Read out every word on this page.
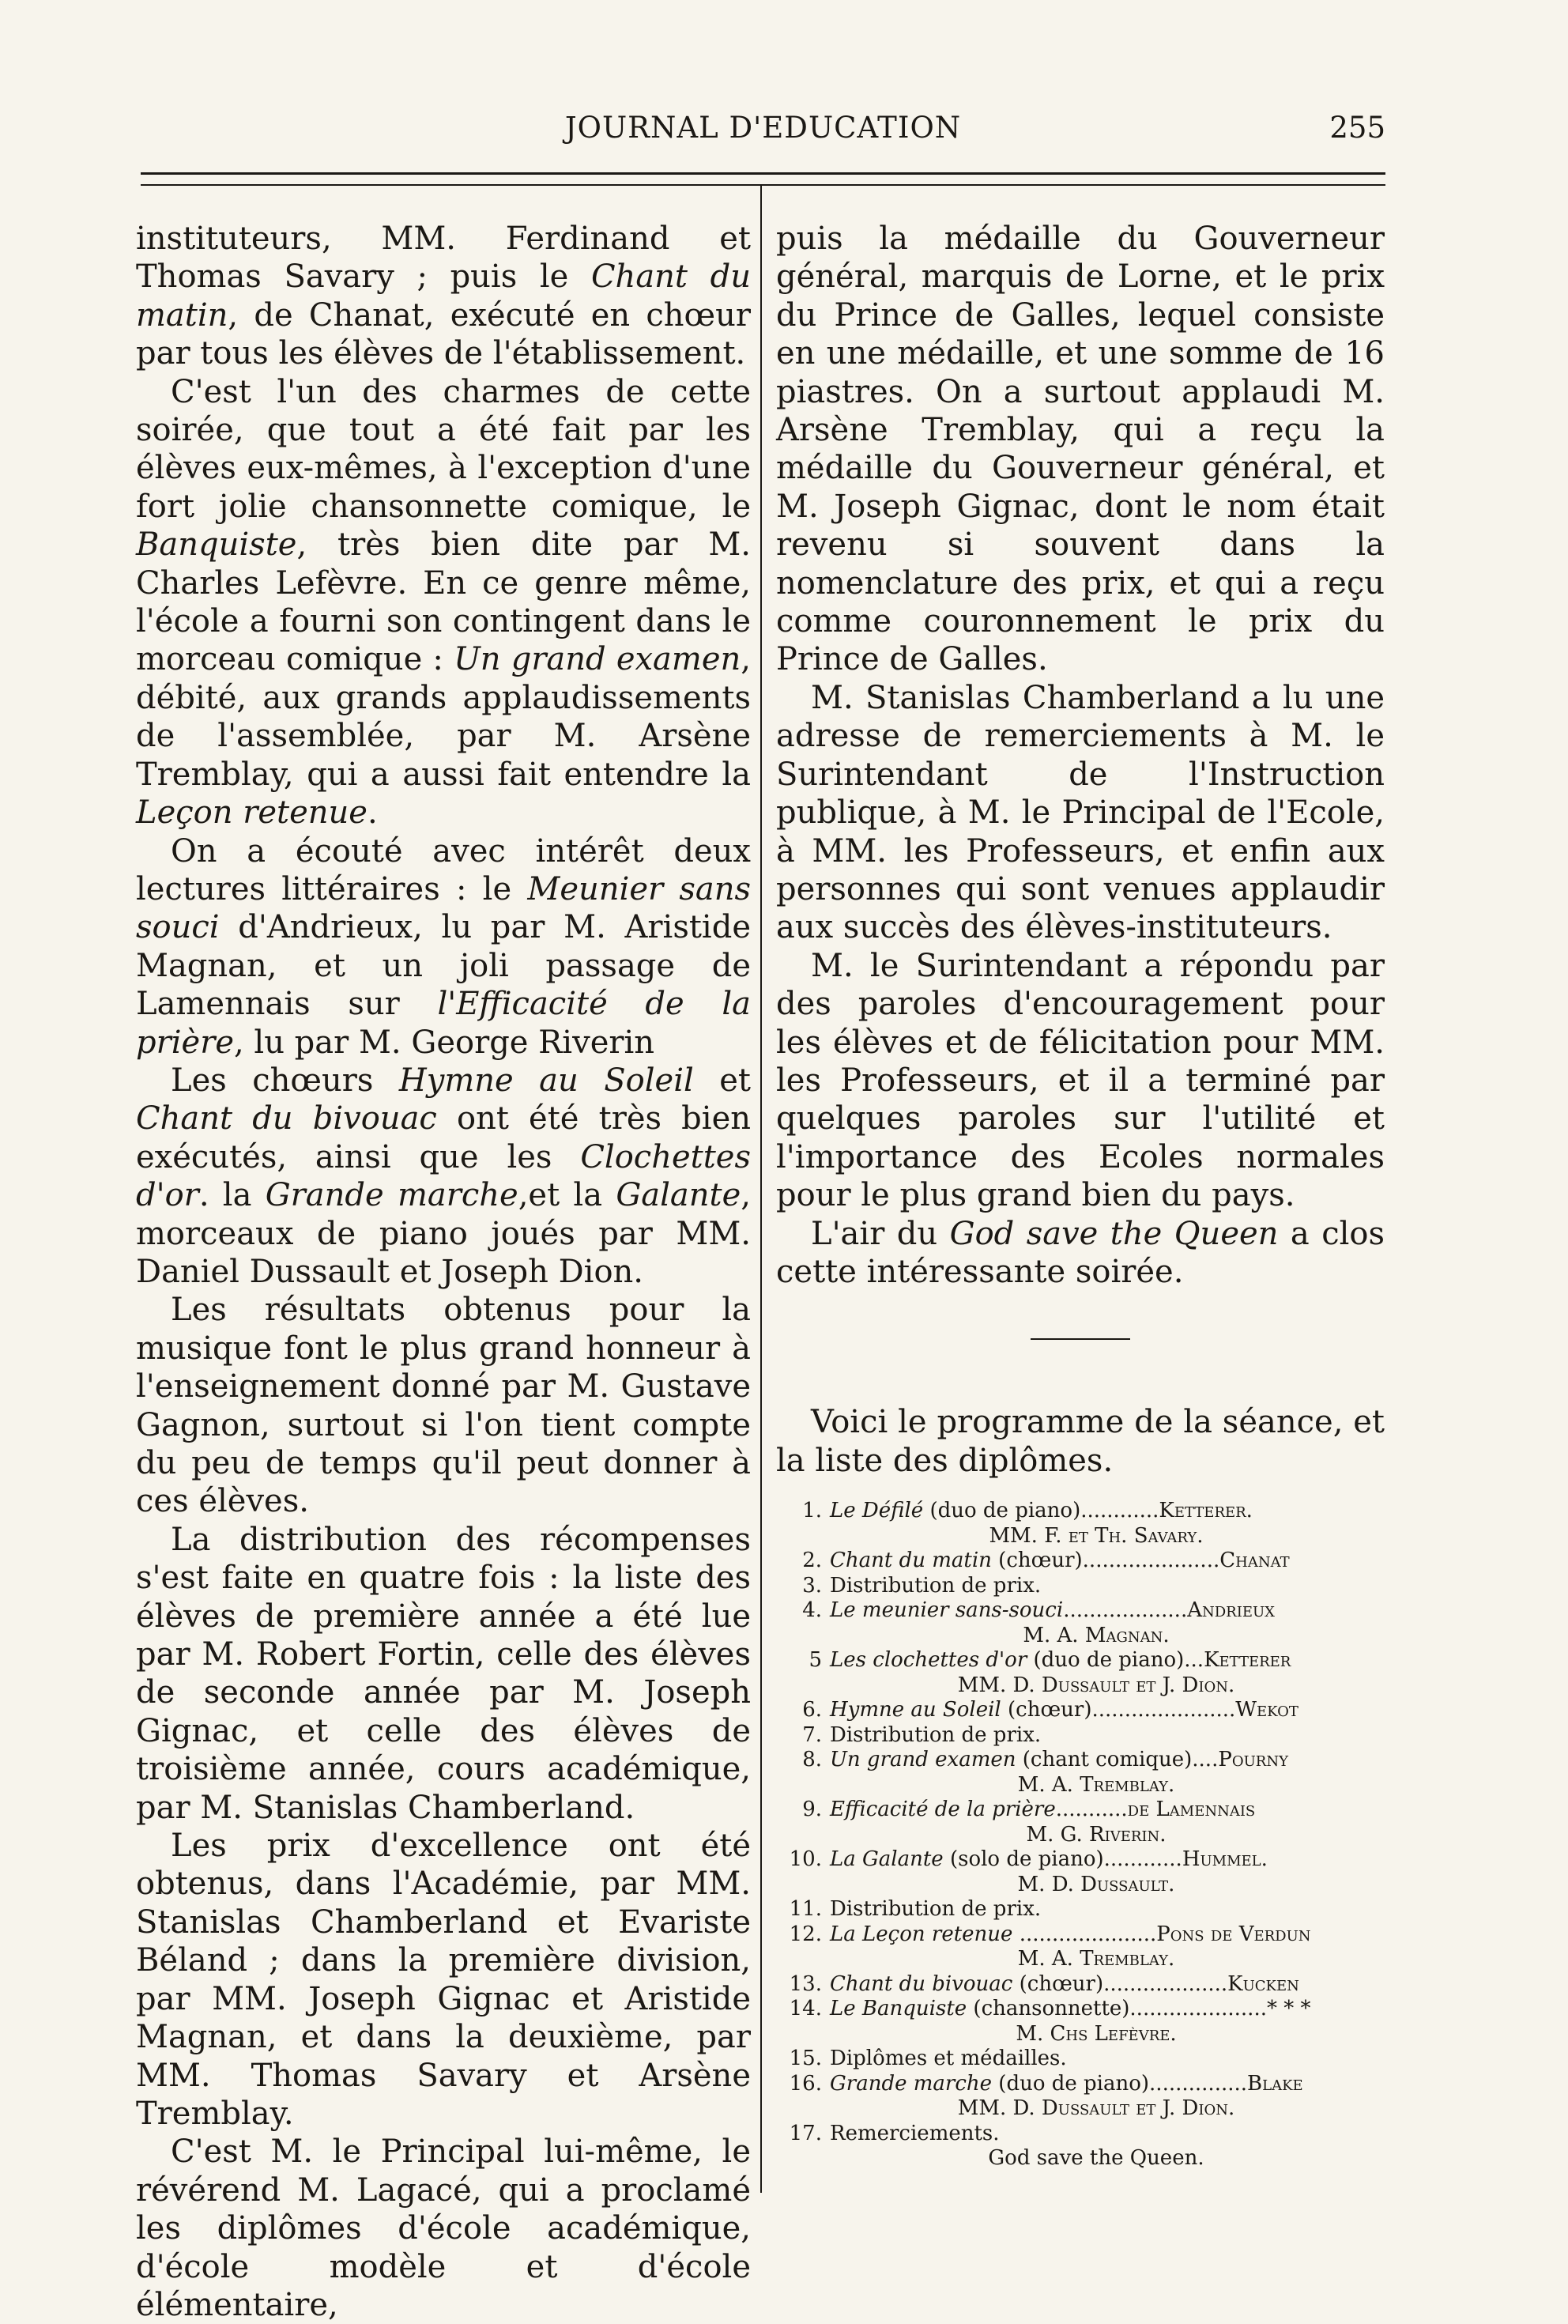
JOURNAL D'EDUCATION	255

instituteurs, MM. Ferdinand et Thomas Savary ; puis le Chant du matin, de Chanat, exécuté en chœur par tous les élèves de l'établissement.

C'est l'un des charmes de cette soirée, que tout a été fait par les élèves eux-mêmes, à l'exception d'une fort jolie chansonnette comique, le Banquiste, très bien dite par M. Charles Lefèvre. En ce genre même, l'école a fourni son contingent dans le morceau comique : Un grand examen, débité, aux grands applaudissements de l'assemblée, par M. Arsène Tremblay, qui a aussi fait entendre la Leçon retenue.

On a écouté avec intérêt deux lectures littéraires : le Meunier sans souci d'Andrieux, lu par M. Aristide Magnan, et un joli passage de Lamennais sur l'Efficacité de la prière, lu par M. George Riverin

Les chœurs Hymne au Soleil et Chant du bivouac ont été très bien exécutés, ainsi que les Clochettes d'or. la Grande marche,et la Galante, morceaux de piano joués par MM. Daniel Dussault et Joseph Dion.

Les résultats obtenus pour la musique font le plus grand honneur à l'enseignement donné par M. Gustave Gagnon, surtout si l'on tient compte du peu de temps qu'il peut donner à ces élèves.

La distribution des récompenses s'est faite en quatre fois : la liste des élèves de première année a été lue par M. Robert Fortin, celle des élèves de seconde année par M. Joseph Gignac, et celle des élèves de troisième année, cours académique, par M. Stanislas Chamberland.

Les prix d'excellence ont été obtenus, dans l'Académie, par MM. Stanislas Chamberland et Evariste Béland ; dans la première division, par MM. Joseph Gignac et Aristide Magnan, et dans la deuxième, par MM. Thomas Savary et Arsène Tremblay.

C'est M. le Principal lui-même, le révérend M. Lagacé, qui a proclamé les diplômes d'école académique, d'école modèle et d'école élémentaire,

puis la médaille du Gouverneur général, marquis de Lorne, et le prix du Prince de Galles, lequel consiste en une médaille, et une somme de 16 piastres. On a surtout applaudi M. Arsène Tremblay, qui a reçu la médaille du Gouverneur général, et M. Joseph Gignac, dont le nom était revenu si souvent dans la nomenclature des prix, et qui a reçu comme couronnement le prix du Prince de Galles.

M. Stanislas Chamberland a lu une adresse de remerciements à M. le Surintendant de l'Instruction publique, à M. le Principal de l'Ecole, à MM. les Professeurs, et enfin aux personnes qui sont venues applaudir aux succès des élèves-instituteurs.

M. le Surintendant a répondu par des paroles d'encouragement pour les élèves et de félicitation pour MM. les Professeurs, et il a terminé par quelques paroles sur l'utilité et l'importance des Ecoles normales pour le plus grand bien du pays.

L'air du God save the Queen a clos cette intéressante soirée.

Voici le programme de la séance, et la liste des diplômes.

1. Le Défilé (duo de piano)............Ketterer.
MM. F. et Th. Savary.
2. Chant du matin (chœur).....................Chanat
3. Distribution de prix.
4. Le meunier sans-souci...................Andrieux
M. A. Magnan.
5 Les clochettes d'or (duo de piano)...Ketterer
MM. D. Dussault et J. Dion.
6. Hymne au Soleil (chœur)......................Wekot
7. Distribution de prix.
8. Un grand examen (chant comique)....Pourny
M. A. Tremblay.
9. Efficacité de la prière...........de Lamennais
M. G. Riverin.
10. La Galante (solo de piano)............Hummel.
M. D. Dussault.
11. Distribution de prix.
12. La Leçon retenue .....................Pons de Verdun
M. A. Tremblay.
13. Chant du bivouac (chœur)...................Kucken
14. Le Banquiste (chansonnette).....................* * *
M. Chs Lefèvre.
15. Diplômes et médailles.
16. Grande marche (duo de piano)...............Blake
MM. D. Dussault et J. Dion.
17. Remerciements.
God save the Queen.
